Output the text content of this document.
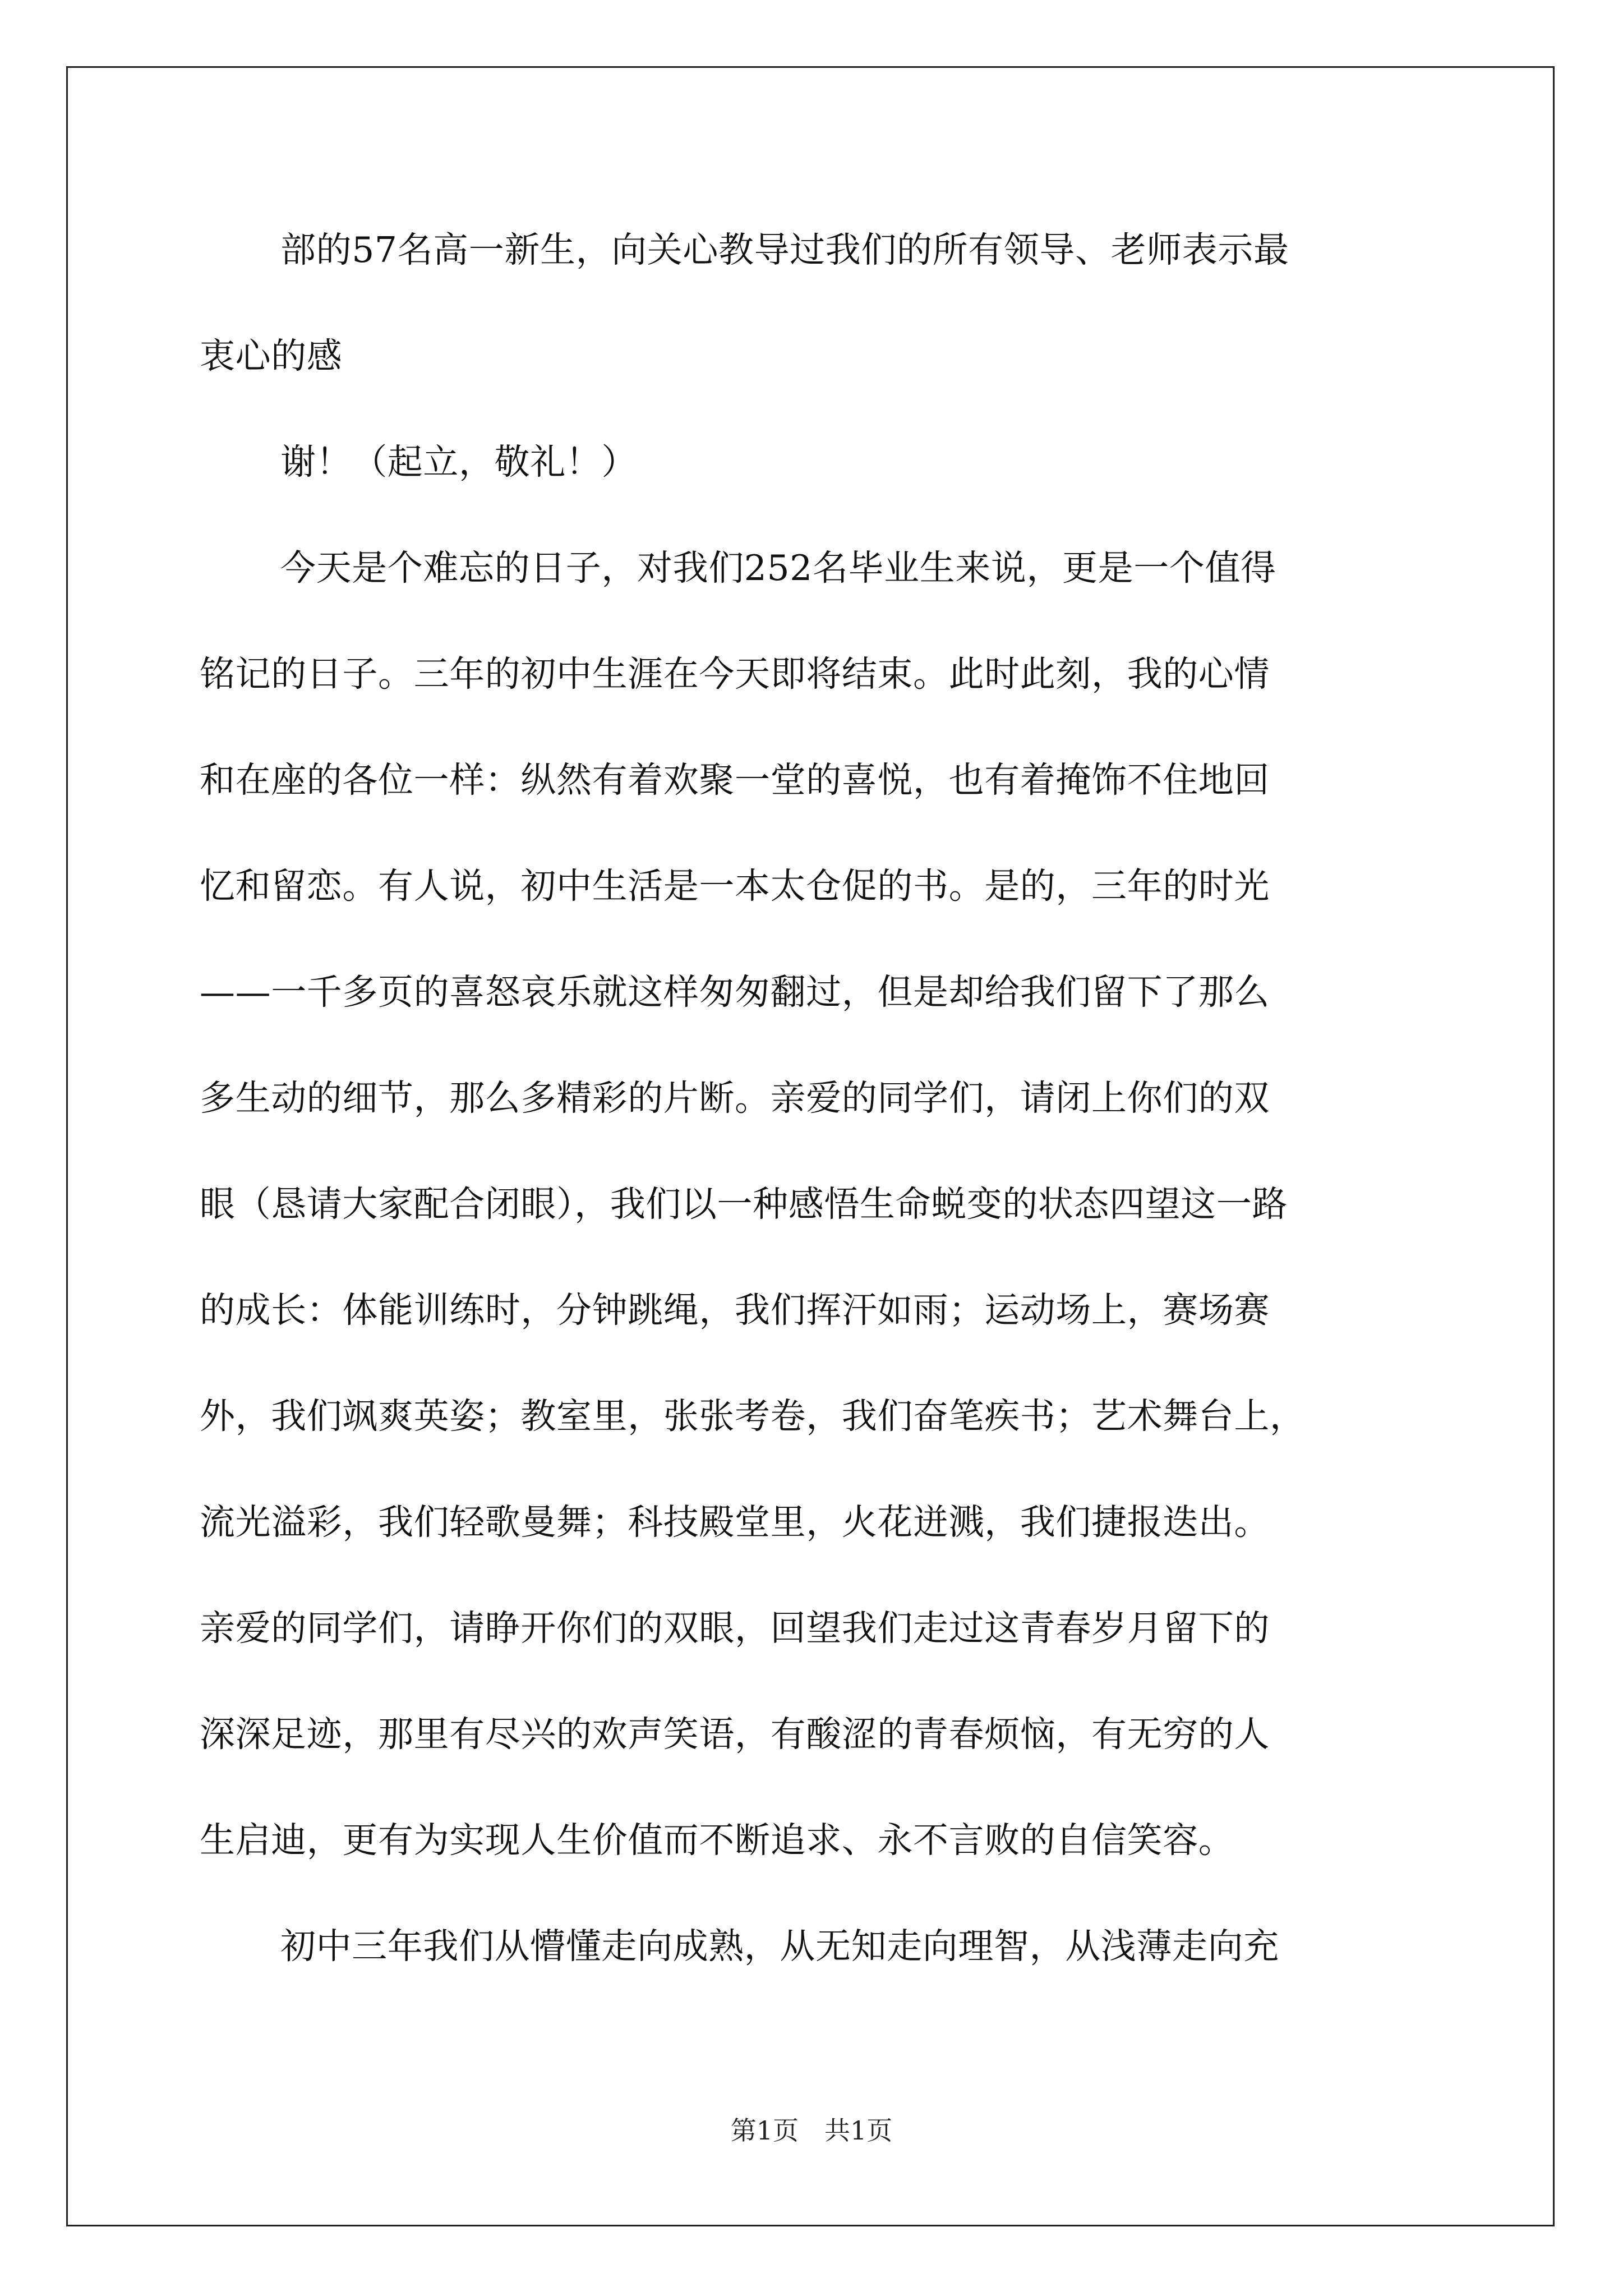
部的57名高一新生，向关心教导过我们的所有领导、老师表示最
衷心的感
谢！（起立，敬礼！）
今天是个难忘的日子，对我们252名毕业生来说，更是一个值得
铭记的日子。三年的初中生涯在今天即将结束。此时此刻，我的心情
和在座的各位一样：纵然有着欢聚一堂的喜悦，也有着掩饰不住地回
忆和留恋。有人说，初中生活是一本太仓促的书。是的，三年的时光
——一千多页的喜怒哀乐就这样匆匆翻过，但是却给我们留下了那么
多生动的细节，那么多精彩的片断。亲爱的同学们，请闭上你们的双
眼（恳请大家配合闭眼），我们以一种感悟生命蜕变的状态四望这一路
的成长：体能训练时，分钟跳绳，我们挥汗如雨；运动场上，赛场赛
外，我们飒爽英姿；教室里，张张考卷，我们奋笔疾书；艺术舞台上，
流光溢彩，我们轻歌曼舞；科技殿堂里，火花迸溅，我们捷报迭出。
亲爱的同学们，请睁开你们的双眼，回望我们走过这青春岁月留下的
深深足迹，那里有尽兴的欢声笑语，有酸涩的青春烦恼，有无穷的人
生启迪，更有为实现人生价值而不断追求、永不言败的自信笑容。
初中三年我们从懵懂走向成熟，从无知走向理智，从浅薄走向充
第1页　共1页
